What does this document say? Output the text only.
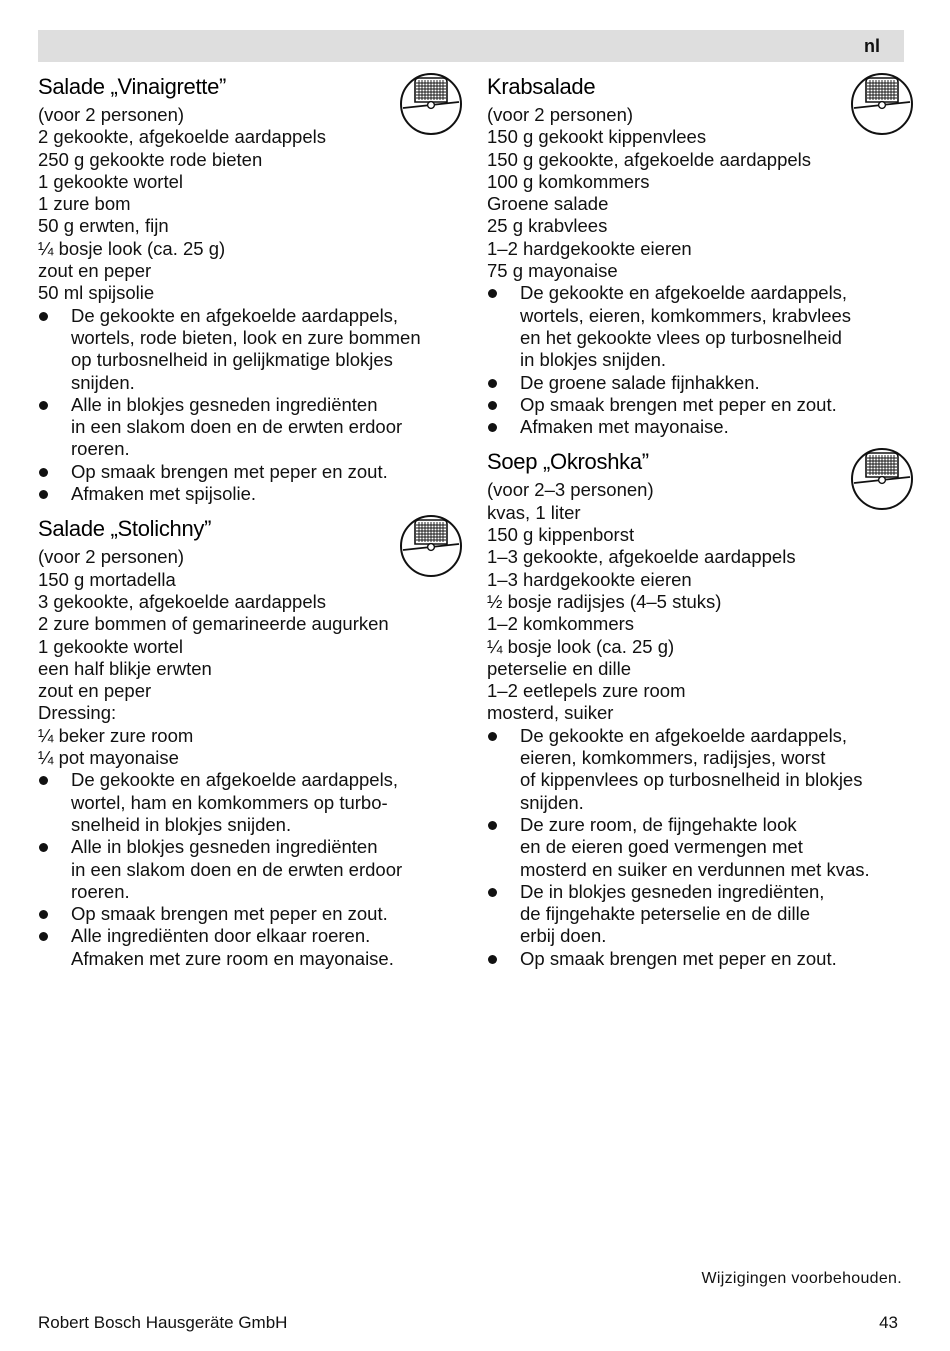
nl
Salade „Vinaigrette”
(voor 2 personen)
2 gekookte, afgekoelde aardappels
250 g gekookte rode bieten
1 gekookte wortel
1 zure bom
50 g erwten, fijn
¼ bosje look (ca. 25 g)
zout en peper
50 ml spijsolie
De gekookte en afgekoelde aardappels,
wortels, rode bieten, look en zure bommen
op turbosnelheid in gelijkmatige blokjes
snijden.
Alle in blokjes gesneden ingrediënten
in een slakom doen en de erwten erdoor
roeren.
Op smaak brengen met peper en zout.
Afmaken met spijsolie.
Salade „Stolichny”
(voor 2 personen)
150 g mortadella
3 gekookte, afgekoelde aardappels
2 zure bommen of gemarineerde augurken
1 gekookte wortel
een half blikje erwten
zout en peper
Dressing:
¼ beker zure room
¼ pot mayonaise
De gekookte en afgekoelde aardappels,
wortel, ham en komkommers op turbo-
snelheid in blokjes snijden.
Alle in blokjes gesneden ingrediënten
in een slakom doen en de erwten erdoor
roeren.
Op smaak brengen met peper en zout.
Alle ingrediënten door elkaar roeren.
Afmaken met zure room en mayonaise.
Krabsalade
(voor 2 personen)
150 g gekookt kippenvlees
150 g gekookte, afgekoelde aardappels
100 g komkommers
Groene salade
25 g krabvlees
1–2 hardgekookte eieren
75 g mayonaise
De gekookte en afgekoelde aardappels,
wortels, eieren, komkommers, krabvlees
en het gekookte vlees op turbosnelheid
in blokjes snijden.
De groene salade fijnhakken.
Op smaak brengen met peper en zout.
Afmaken met mayonaise.
Soep „Okroshka”
(voor 2–3 personen)
kvas, 1 liter
150 g kippenborst
1–3 gekookte, afgekoelde aardappels
1–3 hardgekookte eieren
½ bosje radijsjes (4–5 stuks)
1–2 komkommers
¼ bosje look (ca. 25 g)
peterselie en dille
1–2 eetlepels zure room
mosterd, suiker
De gekookte en afgekoelde aardappels,
eieren, komkommers, radijsjes, worst
of kippenvlees op turbosnelheid in blokjes
snijden.
De zure room, de fijngehakte look
en de eieren goed vermengen met
mosterd en suiker en verdunnen met kvas.
De in blokjes gesneden ingrediënten,
de fijngehakte peterselie en de dille
erbij doen.
Op smaak brengen met peper en zout.
Wijzigingen voorbehouden.
Robert Bosch Hausgeräte GmbH	43
